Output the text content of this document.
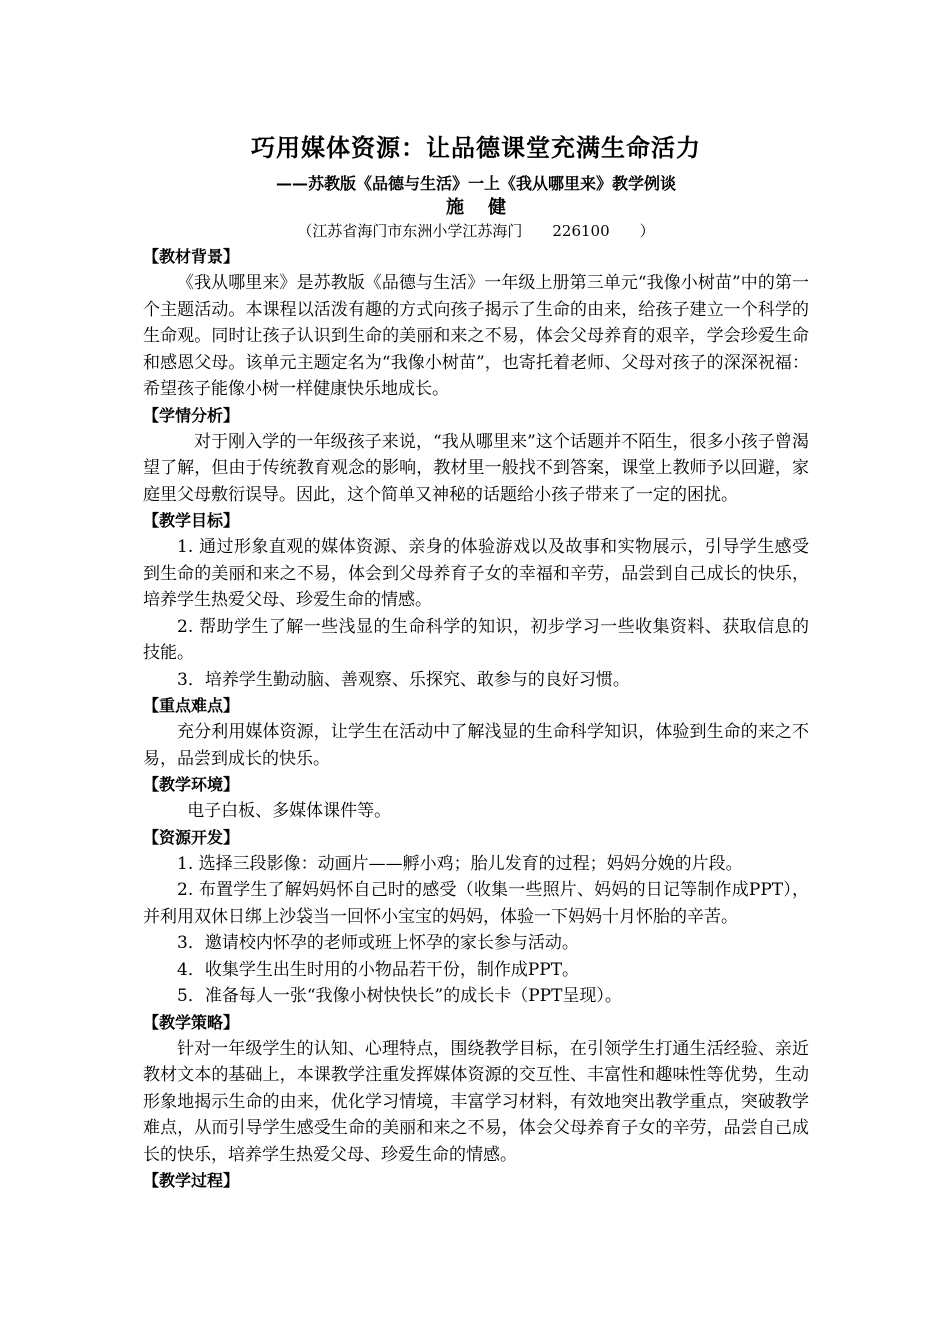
巧用媒体资源：让品德课堂充满生命活力

——苏教版《品德与生活》一上《我从哪里来》教学例谈

施健

（江苏省海门市东洲小学江苏海门　　226100　　）

【教材背景】

《我从哪里来》是苏教版《品德与生活》一年级上册第三单元“我像小树苗”中的第一个主题活动。本课程以活泼有趣的方式向孩子揭示了生命的由来，给孩子建立一个科学的生命观。同时让孩子认识到生命的美丽和来之不易，体会父母养育的艰辛，学会珍爱生命和感恩父母。该单元主题定名为“我像小树苗”，也寄托着老师、父母对孩子的深深祝福：希望孩子能像小树一样健康快乐地成长。

【学情分析】

对于刚入学的一年级孩子来说，“我从哪里来”这个话题并不陌生，很多小孩子曾渴望了解，但由于传统教育观念的影响，教材里一般找不到答案，课堂上教师予以回避，家庭里父母敷衍误导。因此，这个简单又神秘的话题给小孩子带来了一定的困扰。

【教学目标】

1. 通过形象直观的媒体资源、亲身的体验游戏以及故事和实物展示，引导学生感受到生命的美丽和来之不易，体会到父母养育子女的幸福和辛劳，品尝到自己成长的快乐，培养学生热爱父母、珍爱生命的情感。

2. 帮助学生了解一些浅显的生命科学的知识，初步学习一些收集资料、获取信息的技能。

3．培养学生勤动脑、善观察、乐探究、敢参与的良好习惯。

【重点难点】

充分利用媒体资源，让学生在活动中了解浅显的生命科学知识，体验到生命的来之不易，品尝到成长的快乐。

【教学环境】

电子白板、多媒体课件等。

【资源开发】

1. 选择三段影像：动画片——孵小鸡；胎儿发育的过程；妈妈分娩的片段。

2. 布置学生了解妈妈怀自己时的感受（收集一些照片、妈妈的日记等制作成PPT），并利用双休日绑上沙袋当一回怀小宝宝的妈妈，体验一下妈妈十月怀胎的辛苦。

3．邀请校内怀孕的老师或班上怀孕的家长参与活动。

4．收集学生出生时用的小物品若干份，制作成PPT。

5．准备每人一张“我像小树快快长”的成长卡（PPT呈现）。

【教学策略】

针对一年级学生的认知、心理特点，围绕教学目标，在引领学生打通生活经验、亲近教材文本的基础上，本课教学注重发挥媒体资源的交互性、丰富性和趣味性等优势，生动形象地揭示生命的由来，优化学习情境，丰富学习材料，有效地突出教学重点，突破教学难点，从而引导学生感受生命的美丽和来之不易，体会父母养育子女的辛劳，品尝自己成长的快乐，培养学生热爱父母、珍爱生命的情感。

【教学过程】
